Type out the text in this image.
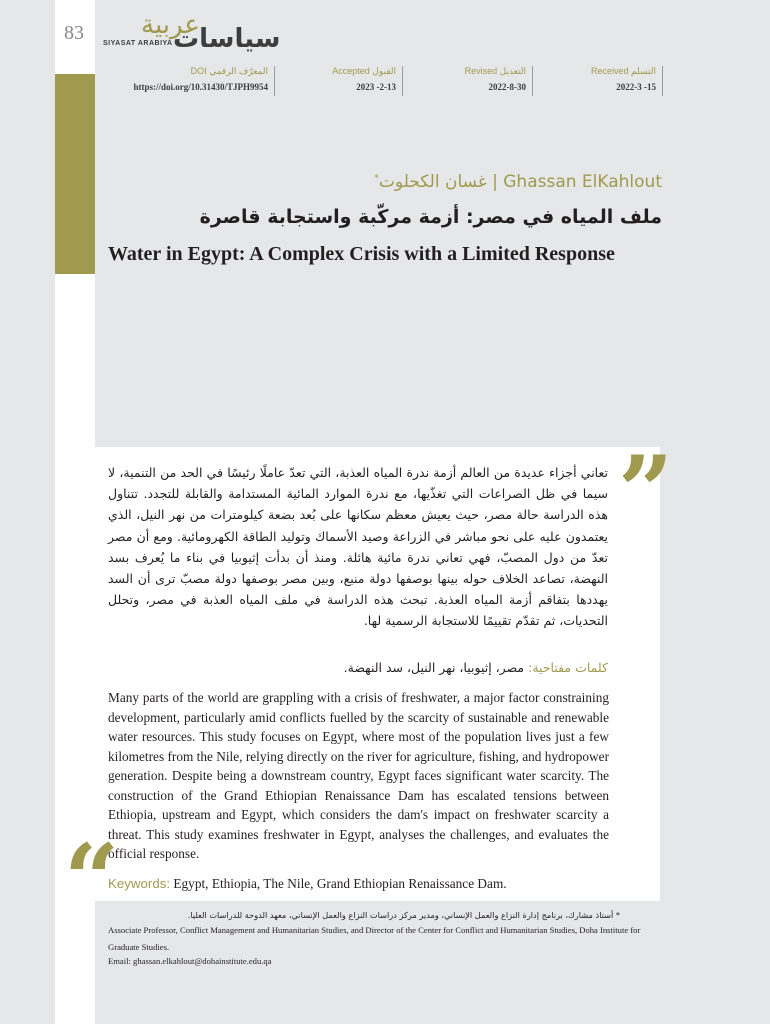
83 عربية
سياسات
SIYASAT ARABIYA
DOI المعرّف الرقمي
https://doi.org/10.31430/TJPH9954
Accepted القبول
2023 -2-13
Revised التعديل
2022-8-30
Received التسلم
2022-3 -15
*غسان الكحلوت | Ghassan ElKahlout
ملف المياه في مصر: أزمة مركّبة واستجابة قاصرة
Water in Egypt: A Complex Crisis with a Limited Response
”
“
تعاني أجزاء عديدة من العالم أزمة ندرة المياه العذبة، التي تعدّ عاملًا رئيسًا في الحد من التنمية، لا سيما في ظل الصراعات التي تغذّيها، مع ندرة الموارد المائية المستدامة والقابلة للتجدد. تتناول هذه الدراسة حالة مصر، حيث يعيش معظم سكانها على بُعد بضعة كيلومترات من نهر النيل، الذي يعتمدون عليه على نحو مباشر في الزراعة وصيد الأسماك وتوليد الطاقة الكهرومائية. ومع أن مصر تعدّ من دول المصبّ، فهي تعاني ندرة مائية هائلة. ومنذ أن بدأت إثيوبيا في بناء ما يُعرف بسد النهضة، تصاعد الخلاف حوله بينها بوصفها دولة منبع، وبين مصر بوصفها دولة مصبّ ترى أن السد يهددها بتفاقم أزمة المياه العذبة. تبحث هذه الدراسة في ملف المياه العذبة في مصر، وتحلل التحديات، ثم تقدّم تقييمًا للاستجابة الرسمية لها.
كلمات مفتاحية: مصر، إثيوبيا، نهر النيل، سد النهضة.
Many parts of the world are grappling with a crisis of freshwater, a major factor constraining development, particularly amid conflicts fuelled by the scarcity of sustainable and renewable water resources. This study focuses on Egypt, where most of the population lives just a few kilometres from the Nile, relying directly on the river for agriculture, fishing, and hydropower generation. Despite being a downstream country, Egypt faces significant water scarcity. The construction of the Grand Ethiopian Renaissance Dam has escalated tensions between Ethiopia, upstream and Egypt, which considers the dam's impact on freshwater scarcity a threat. This study examines freshwater in Egypt, analyses the challenges, and evaluates the official response.
Keywords: Egypt, Ethiopia, The Nile, Grand Ethiopian Renaissance Dam.
* أستاذ مشارك، برنامج إدارة النزاع والعمل الإنساني، ومدير مركز دراسات النزاع والعمل الإنساني، معهد الدوحة للدراسات العليا.
Associate Professor, Conflict Management and Humanitarian Studies, and Director of the Center for Conflict and Humanitarian Studies, Doha Institute for Graduate Studies.
Email: ghassan.elkahlout@dohainstitute.edu.qa
